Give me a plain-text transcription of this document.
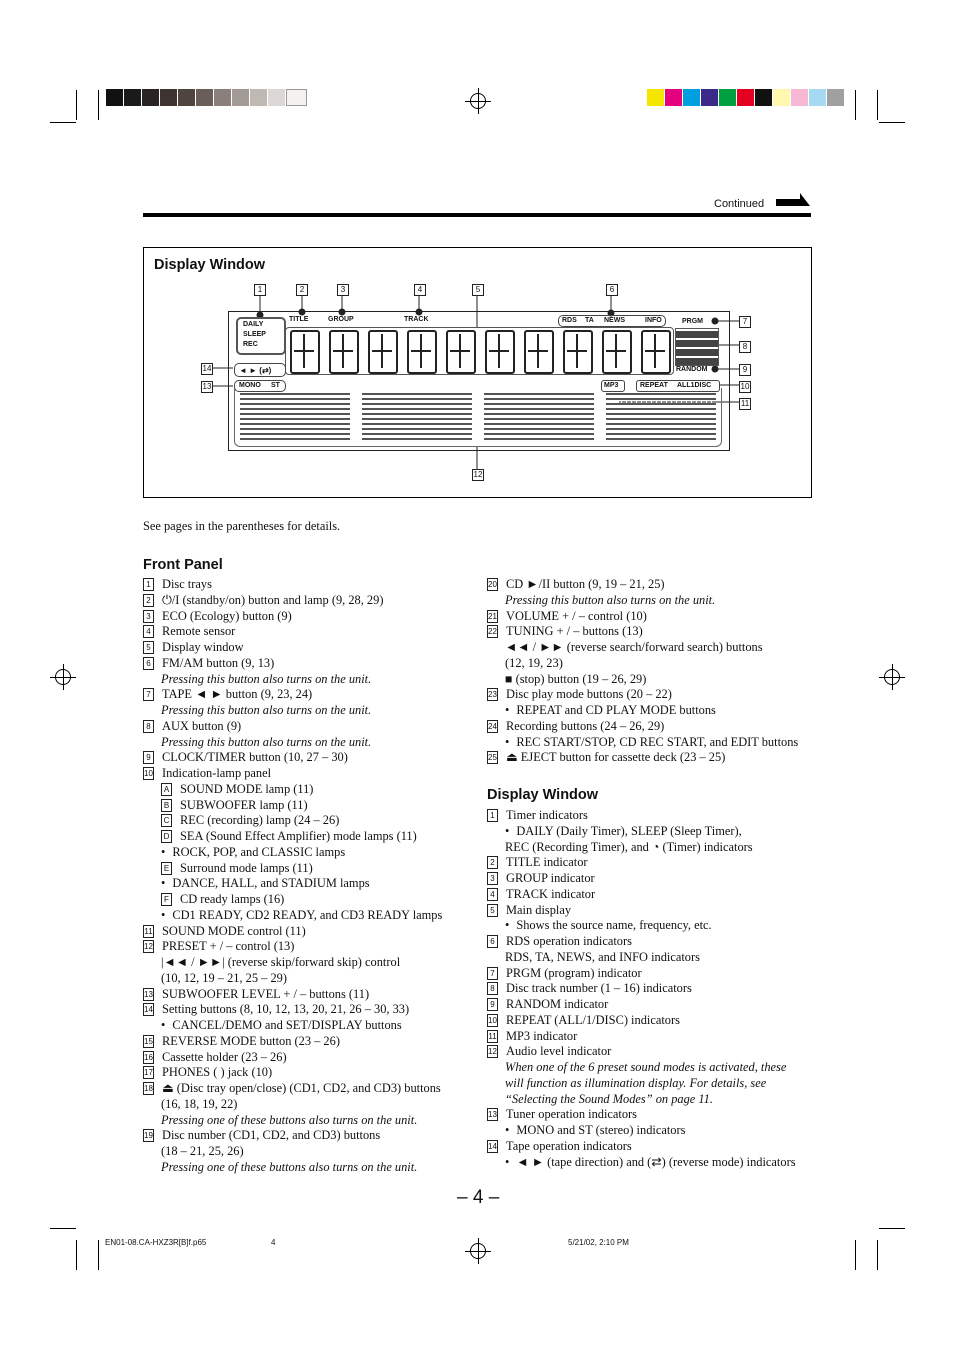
Continued
Display Window
1	2	3	4	5	6
7
8
9
10
11
12
13
14
DAILY
SLEEP
REC
TITLE	GROUP	TRACK	RDS TA NEWS	INFO	PRGM
RANDOM
MP3	REPEAT ALL1DISC
◄ ► (⇄)
MONO ST
See pages in the parentheses for details.
Front Panel
1 Disc trays
2 ⏻/I (standby/on) button and lamp (9, 28, 29)
3 ECO (Ecology) button (9)
4 Remote sensor
5 Display window
6 FM/AM button (9, 13)
Pressing this button also turns on the unit.
7 TAPE ◄ ► button (9, 23, 24)
Pressing this button also turns on the unit.
8 AUX button (9)
Pressing this button also turns on the unit.
9 CLOCK/TIMER button (10, 27 – 30)
10 Indication-lamp panel
A SOUND MODE lamp (11)
B SUBWOOFER lamp (11)
C REC (recording) lamp (24 – 26)
D SEA (Sound Effect Amplifier) mode lamps (11)
• ROCK, POP, and CLASSIC lamps
E Surround mode lamps (11)
• DANCE, HALL, and STADIUM lamps
F CD ready lamps (16)
• CD1 READY, CD2 READY, and CD3 READY lamps
11 SOUND MODE control (11)
12 PRESET + / – control (13)
|◄◄ / ►►| (reverse skip/forward skip) control
(10, 12, 19 – 21, 25 – 29)
13 SUBWOOFER LEVEL + / – buttons (11)
14 Setting buttons (8, 10, 12, 13, 20, 21, 26 – 30, 33)
• CANCEL/DEMO and SET/DISPLAY buttons
15 REVERSE MODE button (23 – 26)
16 Cassette holder (23 – 26)
17 PHONES ( ) jack (10)
18 ⏏ (Disc tray open/close) (CD1, CD2, and CD3) buttons
(16, 18, 19, 22)
Pressing one of these buttons also turns on the unit.
19 Disc number (CD1, CD2, and CD3) buttons
(18 – 21, 25, 26)
Pressing one of these buttons also turns on the unit.
20 CD ►/II button (9, 19 – 21, 25)
Pressing this button also turns on the unit.
21 VOLUME + / – control (10)
22 TUNING + / – buttons (13)
◄◄ / ►► (reverse search/forward search) buttons
(12, 19, 23)
■ (stop) button (19 – 26, 29)
23 Disc play mode buttons (20 – 22)
• REPEAT and CD PLAY MODE buttons
24 Recording buttons (24 – 26, 29)
• REC START/STOP, CD REC START, and EDIT buttons
25 ⏏ EJECT button for cassette deck (23 – 25)
Display Window
1 Timer indicators
• DAILY (Daily Timer), SLEEP (Sleep Timer),
REC (Recording Timer), and ◔ (Timer) indicators
2 TITLE indicator
3 GROUP indicator
4 TRACK indicator
5 Main display
• Shows the source name, frequency, etc.
6 RDS operation indicators
RDS, TA, NEWS, and INFO indicators
7 PRGM (program) indicator
8 Disc track number (1 – 16) indicators
9 RANDOM indicator
10 REPEAT (ALL/1/DISC) indicators
11 MP3 indicator
12 Audio level indicator
When one of the 6 preset sound modes is activated, these
will function as illumination display. For details, see
“Selecting the Sound Modes” on page 11.
13 Tuner operation indicators
• MONO and ST (stereo) indicators
14 Tape operation indicators
• ◄ ► (tape direction) and (⇄) (reverse mode) indicators
– 4 –
EN01-08.CA-HXZ3R[B]f.p65	4	5/21/02, 2:10 PM
